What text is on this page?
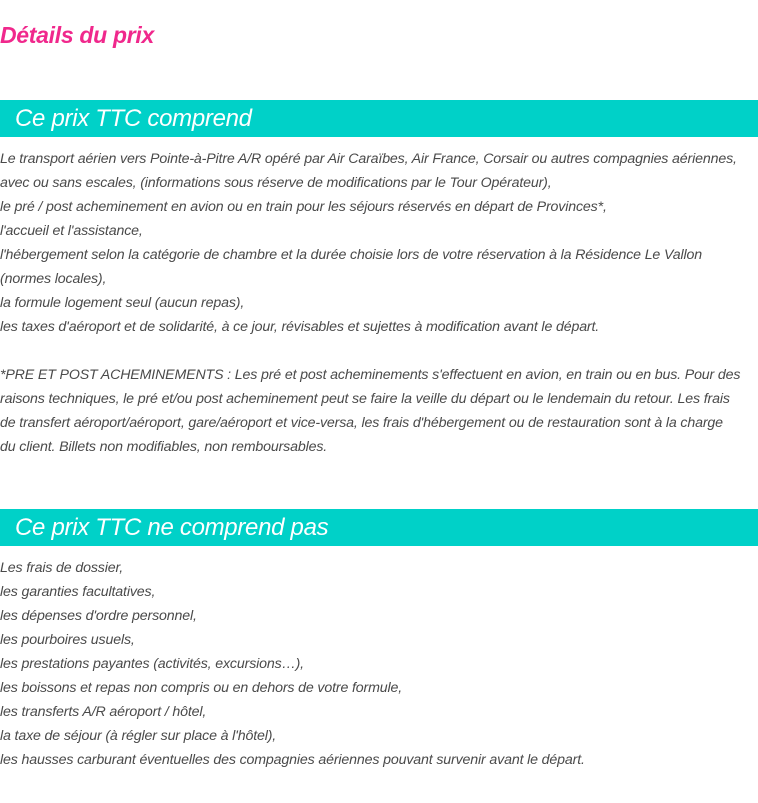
Détails du prix
Ce prix TTC comprend
Le transport aérien vers Pointe-à-Pitre A/R opéré par Air Caraïbes, Air France, Corsair ou autres compagnies aériennes,
avec ou sans escales, (informations sous réserve de modifications par le Tour Opérateur),
le pré / post acheminement en avion ou en train pour les séjours réservés en départ de Provinces*,
l'accueil et l'assistance,
l'hébergement selon la catégorie de chambre et la durée choisie lors de votre réservation à la Résidence Le Vallon
(normes locales),
la formule logement seul (aucun repas),
les taxes d'aéroport et de solidarité, à ce jour, révisables et sujettes à modification avant le départ.
*PRE ET POST ACHEMINEMENTS : Les pré et post acheminements s'effectuent en avion, en train ou en bus. Pour des
raisons techniques, le pré et/ou post acheminement peut se faire la veille du départ ou le lendemain du retour. Les frais
de transfert aéroport/aéroport, gare/aéroport et vice-versa, les frais d'hébergement ou de restauration sont à la charge
du client. Billets non modifiables, non remboursables.
Ce prix TTC ne comprend pas
Les frais de dossier,
les garanties facultatives,
les dépenses d'ordre personnel,
les pourboires usuels,
les prestations payantes (activités, excursions…),
les boissons et repas non compris ou en dehors de votre formule,
les transferts A/R aéroport / hôtel,
la taxe de séjour (à régler sur place à l'hôtel),
les hausses carburant éventuelles des compagnies aériennes pouvant survenir avant le départ.
